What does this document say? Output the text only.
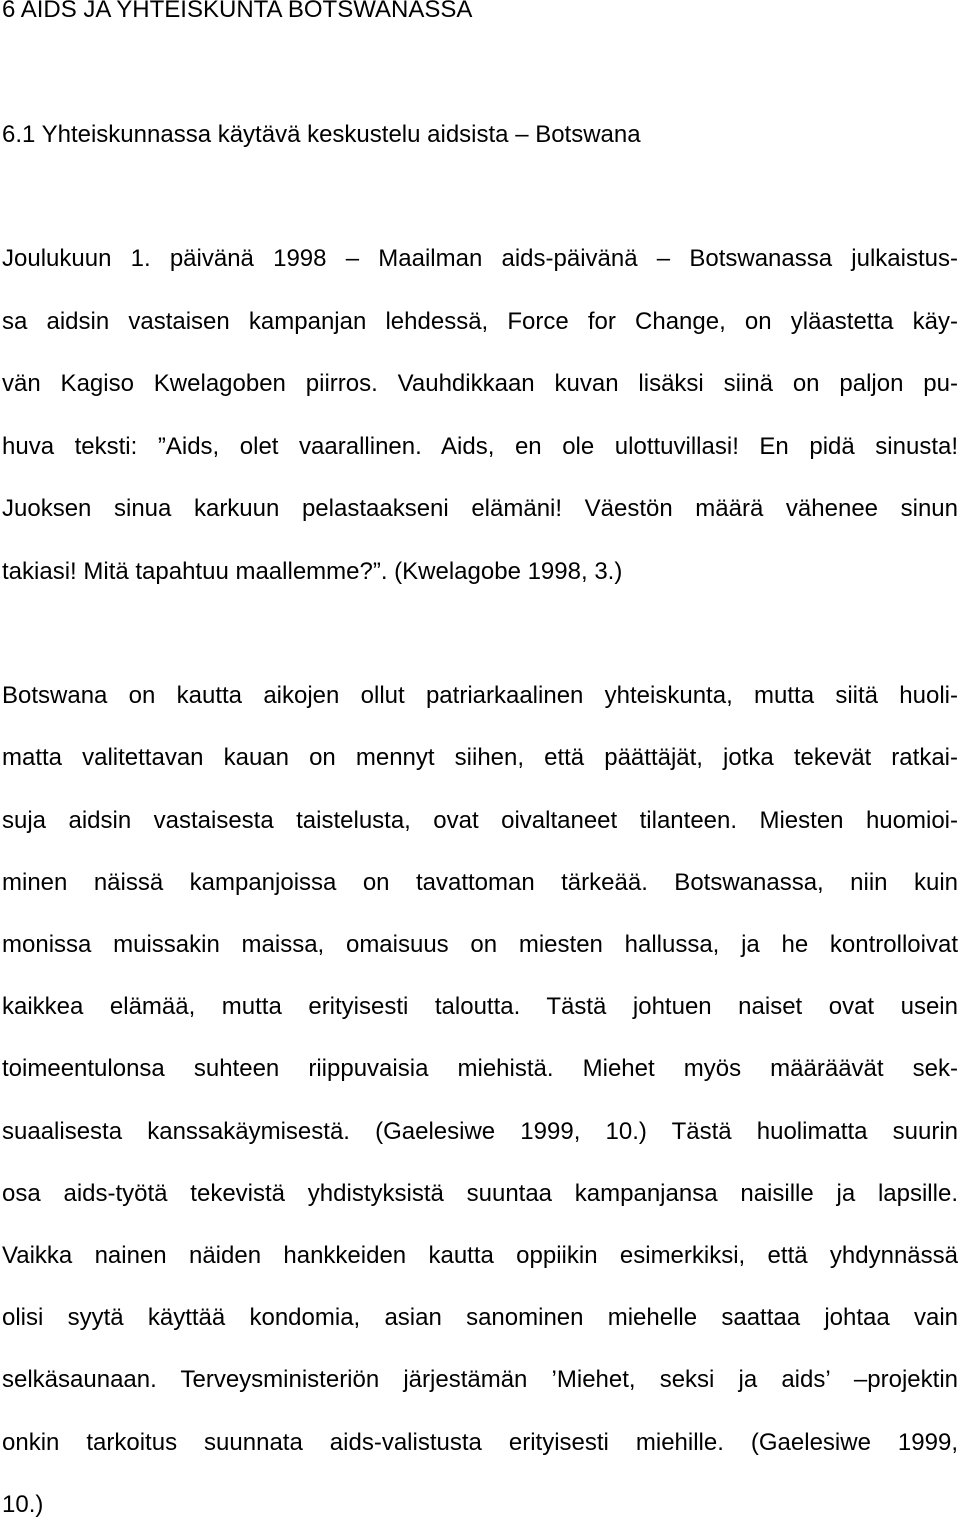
6 AIDS JA YHTEISKUNTA BOTSWANASSA
6.1 Yhteiskunnassa käytävä keskustelu aidsista – Botswana

Joulukuun 1. päivänä 1998 – Maailman aids-päivänä – Botswanassa julkaistus-

sa aidsin vastaisen kampanjan lehdessä, Force for Change, on yläastetta käy-

vän Kagiso Kwelagoben piirros. Vauhdikkaan kuvan lisäksi siinä on paljon pu-

huva teksti: ”Aids, olet vaarallinen. Aids, en ole ulottuvillasi! En pidä sinusta!

Juoksen sinua karkuun pelastaakseni elämäni! Väestön määrä vähenee sinun

takiasi! Mitä tapahtuu maallemme?”. (Kwelagobe 1998, 3.)

Botswana on kautta aikojen ollut patriarkaalinen yhteiskunta, mutta siitä huoli-

matta valitettavan kauan on mennyt siihen, että päättäjät, jotka tekevät ratkai-

suja aidsin vastaisesta taistelusta, ovat oivaltaneet tilanteen. Miesten huomioi-

minen näissä kampanjoissa on tavattoman tärkeää. Botswanassa, niin kuin

monissa muissakin maissa, omaisuus on miesten hallussa, ja he kontrolloivat

kaikkea elämää, mutta erityisesti taloutta. Tästä johtuen naiset ovat usein

toimeentulonsa suhteen riippuvaisia miehistä. Miehet myös määräävät sek-

suaalisesta kanssakäymisestä. (Gaelesiwe 1999, 10.) Tästä huolimatta suurin

osa aids-työtä tekevistä yhdistyksistä suuntaa kampanjansa naisille ja lapsille.

Vaikka nainen näiden hankkeiden kautta oppiikin esimerkiksi, että yhdynnässä

olisi syytä käyttää kondomia, asian sanominen miehelle saattaa johtaa vain

selkäsaunaan. Terveysministeriön järjestämän ’Miehet, seksi ja aids’ –projektin

onkin tarkoitus suunnata aids-valistusta erityisesti miehille. (Gaelesiwe 1999,

10.)
